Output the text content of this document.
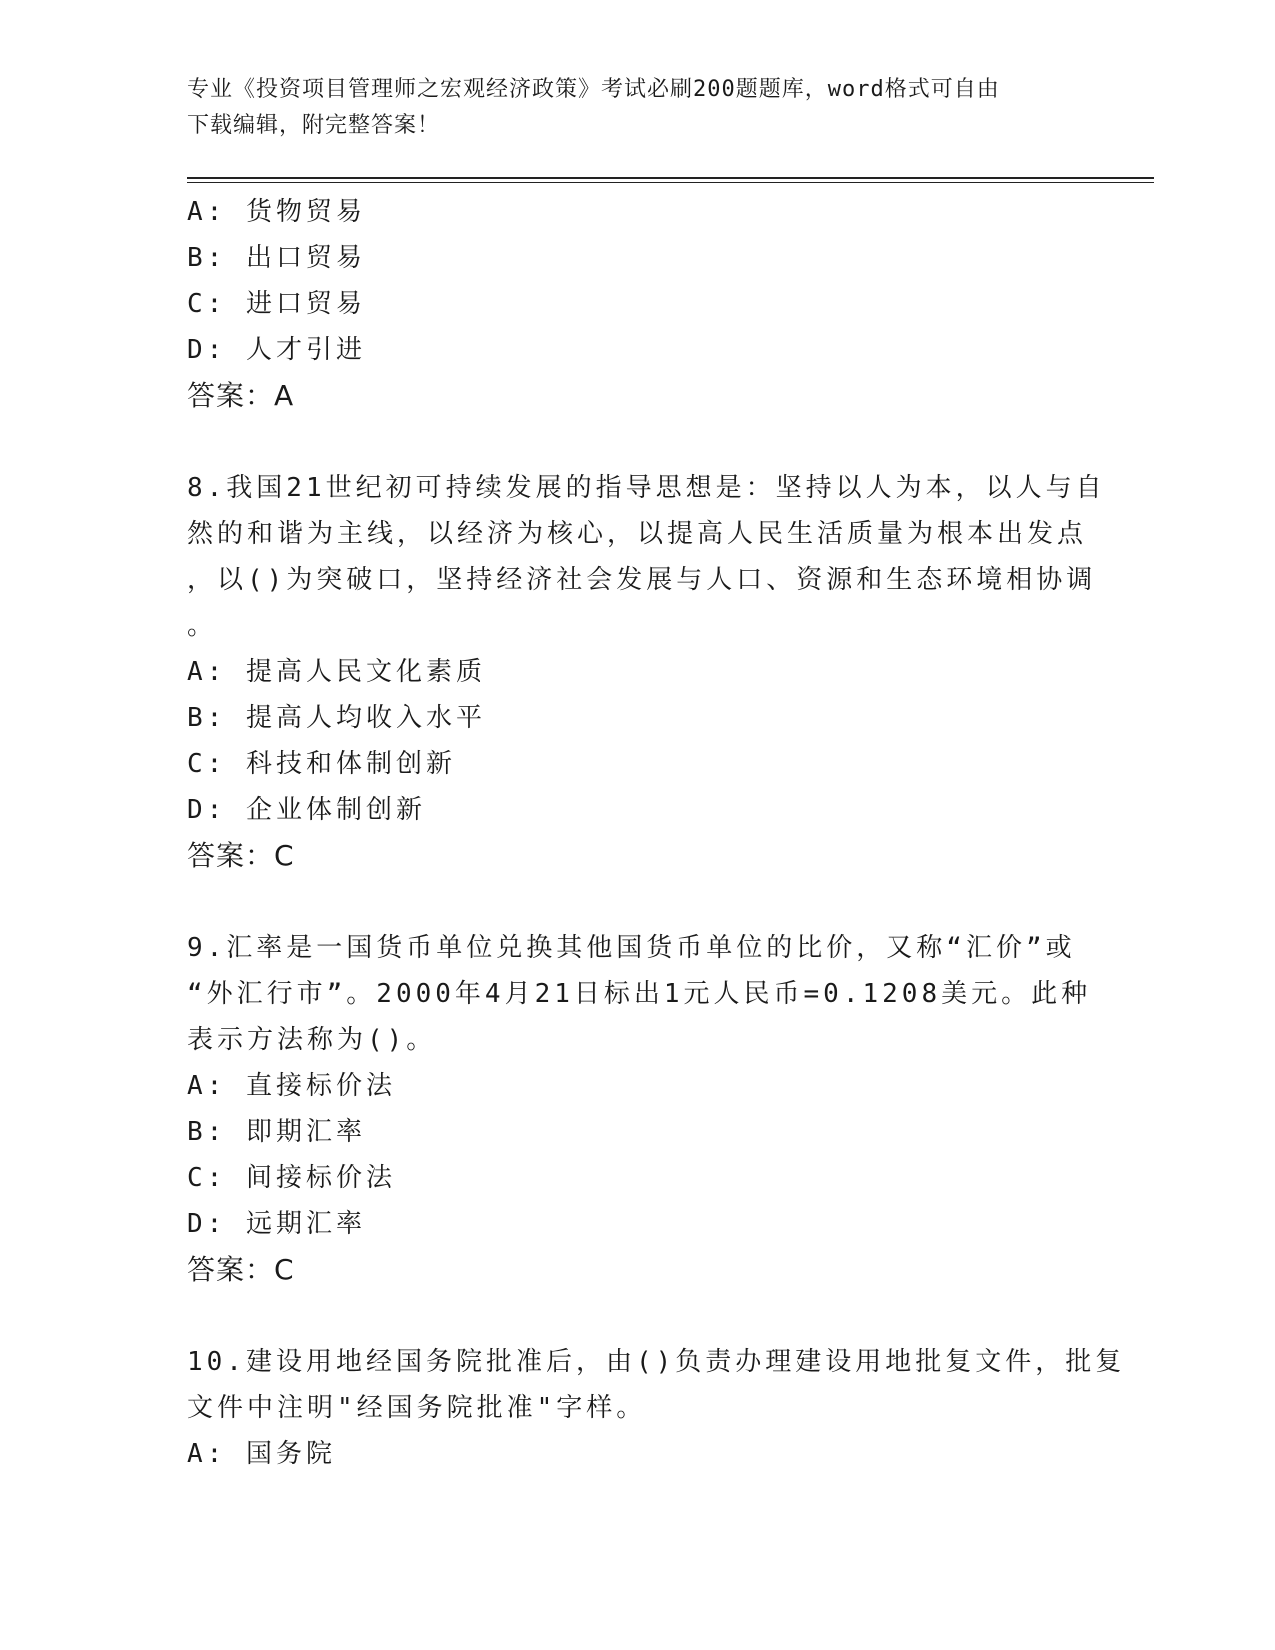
专业《投资项目管理师之宏观经济政策》考试必刷200题题库，word格式可自由
下载编辑，附完整答案！

A: 货物贸易

B: 出口贸易

C: 进口贸易

D: 人才引进

答案：A

8.我国21世纪初可持续发展的指导思想是：坚持以人为本，以人与自

然的和谐为主线，以经济为核心，以提高人民生活质量为根本出发点

，以()为突破口，坚持经济社会发展与人口、资源和生态环境相协调

。

A: 提高人民文化素质

B: 提高人均收入水平

C: 科技和体制创新

D: 企业体制创新

答案：C

9.汇率是一国货币单位兑换其他国货币单位的比价，又称“汇价”或

“外汇行市”。2000年4月21日标出1元人民币=0.1208美元。此种

表示方法称为()。

A: 直接标价法

B: 即期汇率

C: 间接标价法

D: 远期汇率

答案：C

10.建设用地经国务院批准后，由()负责办理建设用地批复文件，批复

文件中注明"经国务院批准"字样。

A: 国务院
